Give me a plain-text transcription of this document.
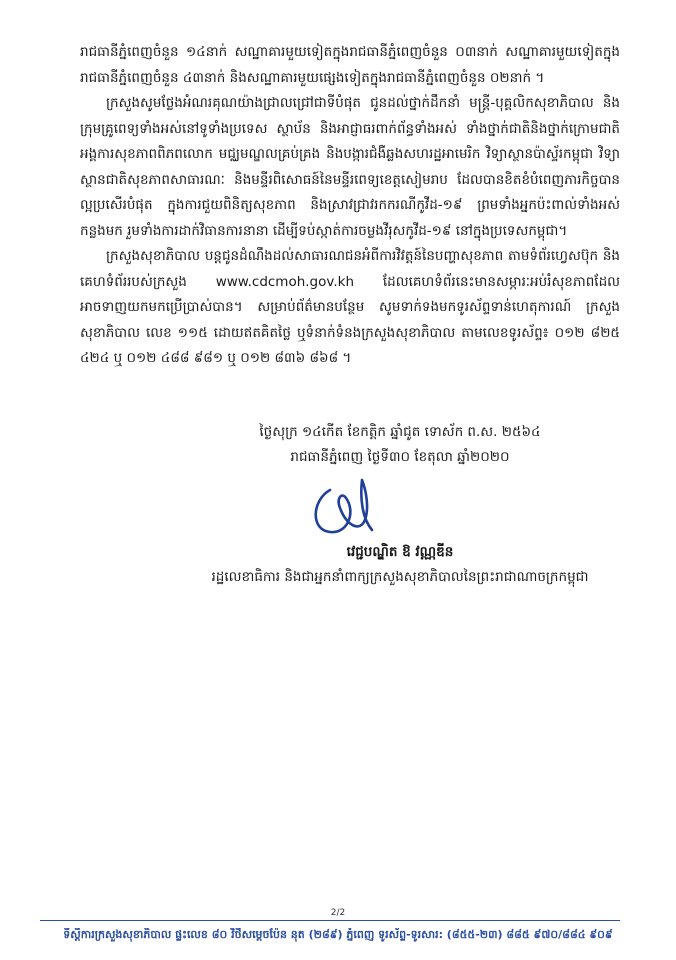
រាជធានីភ្នំពេញចំនួន ១៤នាក់ សណ្ឋាគារមួយទៀតក្នុងរាជធានីភ្នំពេញចំនួន ០៣នាក់ សណ្ឋាគារមួយទៀតក្នុងរាជធានីភ្នំពេញចំនួន ៤៣នាក់ និងសណ្ឋាគារមួយផ្សេងទៀតក្នុងរាជធានីភ្នំពេញចំនួន ០២នាក់ ។

ក្រសួងសូមថ្លែងអំណរគុណយ៉ាងជ្រាលជ្រៅជាទីបំផុត ជូនដល់ថ្នាក់ដឹកនាំ មន្ត្រី-បុគ្គលិកសុខាភិបាល និងក្រុមគ្រូពេទ្យទាំងអស់នៅទូទាំងប្រទេស ស្ថាប័ន និងអាជ្ញាធរពាក់ព័ន្ធទាំងអស់ ទាំងថ្នាក់ជាតិនិងថ្នាក់ក្រោមជាតិ អង្គការសុខភាពពិភពលោក មជ្ឈមណ្ឌលគ្រប់គ្រង និងបង្ការជំងឺឆ្លងសហរដ្ឋអាមេរិក វិទ្យាស្ថានប៉ាស្ទ័រកម្ពុជា វិទ្យាស្ថានជាតិសុខភាពសាធារណៈ និងមន្ទីរពិសោធន៍នៃមន្ទីរពេទ្យខេត្តសៀមរាប ដែលបានខិតខំបំពេញភារកិច្ចបានល្អប្រសើរបំផុត ក្នុងការជួយពិនិត្យសុខភាព និងស្រាវជ្រាវរកករណីកូវីដ-១៩ ព្រមទាំងអ្នកប៉ះពាល់ទាំងអស់កន្លងមក រួមទាំងការដាក់វិធានការនានា ដើម្បីទប់ស្កាត់ការចម្លងវីរុសកូវីដ-១៩ នៅក្នុងប្រទេសកម្ពុជា។

ក្រសួងសុខាភិបាល បន្តជូនដំណឹងដល់សាធារណជនអំពីការវិវត្តន៍នៃបញ្ហាសុខភាព តាមទំព័រហ្វេសប៊ុក និងគេហទំព័ររបស់ក្រសួង www.cdcmoh.gov.kh ដែលគេហទំព័រនេះមានសម្ភារៈអប់រំសុខភាពដែលអាចទាញយកមកប្រើប្រាស់បាន។ សម្រាប់ព័ត៌មានបន្ថែម សូមទាក់ទងមកទូរស័ព្ទទាន់ហេតុការណ៍ ក្រសួងសុខាភិបាល លេខ ១១៥ ដោយឥតគិតថ្លៃ ឬទំនាក់ទំនងក្រសួងសុខាភិបាល តាមលេខទូរស័ព្ទ៖ ០១២ ៨២៥ ៤២៤ ឬ ០១២ ៤៨៨ ៩៨១ ឬ ០១២ ៨៣៦ ៨៦៨ ។

ថ្ងៃសុក្រ ១៤កើត ខែកត្តិក ឆ្នាំជូត ទោស័ក ព.ស. ២៥៦៤
រាជធានីភ្នំពេញ ថ្ងៃទី៣០ ខែតុលា ឆ្នាំ២០២០
វេជ្ជបណ្ឌិត ឱ វណ្ណឌីន
រដ្ឋលេខាធិការ និងជាអ្នកនាំពាក្យក្រសួងសុខាភិបាលនៃព្រះរាជាណាចក្រកម្ពុជា
2/2
ទីស្តីការក្រសួងសុខាភិបាល ផ្ទះលេខ ៨០ វិថីសម្តេចប៉ែន នុត (២៨៩) ភ្នំពេញ ទូរស័ព្ទ-ទូរសារ: (៨៥៥-២៣) ៨៨៥ ៩៧០/៨៨៤ ៩០៩
